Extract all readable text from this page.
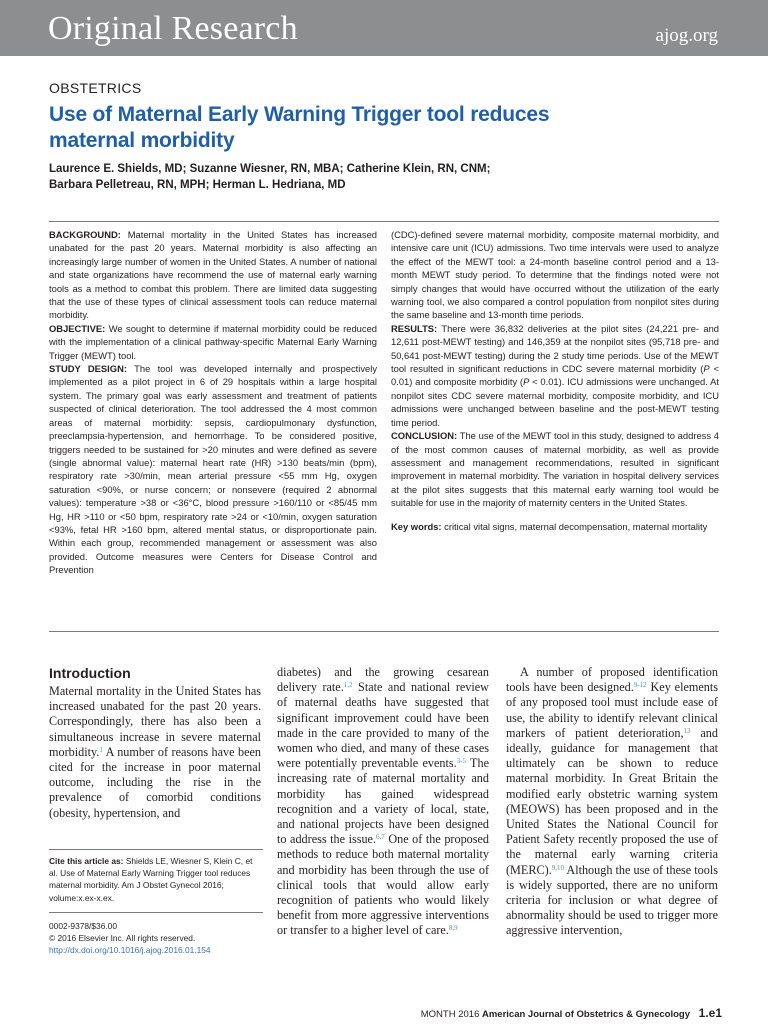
Original Research	ajog.org
OBSTETRICS
Use of Maternal Early Warning Trigger tool reduces maternal morbidity
Laurence E. Shields, MD; Suzanne Wiesner, RN, MBA; Catherine Klein, RN, CNM;
Barbara Pelletreau, RN, MPH; Herman L. Hedriana, MD

BACKGROUND: Maternal mortality in the United States has increased unabated for the past 20 years. Maternal morbidity is also affecting an increasingly large number of women in the United States. A number of national and state organizations have recommend the use of maternal early warning tools as a method to combat this problem. There are limited data suggesting that the use of these types of clinical assessment tools can reduce maternal morbidity.

OBJECTIVE: We sought to determine if maternal morbidity could be reduced with the implementation of a clinical pathway-specific Maternal Early Warning Trigger (MEWT) tool.

STUDY DESIGN: The tool was developed internally and prospectively implemented as a pilot project in 6 of 29 hospitals within a large hospital system. The primary goal was early assessment and treatment of patients suspected of clinical deterioration. The tool addressed the 4 most common areas of maternal morbidity: sepsis, cardiopulmonary dysfunction, preeclampsia-hypertension, and hemorrhage. To be considered positive, triggers needed to be sustained for >20 minutes and were defined as severe (single abnormal value): maternal heart rate (HR) >130 beats/min (bpm), respiratory rate >30/min, mean arterial pressure <55 mm Hg, oxygen saturation <90%, or nurse concern; or nonsevere (required 2 abnormal values): temperature >38 or <36°C, blood pressure >160/110 or <85/45 mm Hg, HR >110 or <50 bpm, respiratory rate >24 or <10/min, oxygen saturation <93%, fetal HR >160 bpm, altered mental status, or disproportionate pain. Within each group, recommended management or assessment was also provided. Outcome measures were Centers for Disease Control and Prevention

(CDC)-defined severe maternal morbidity, composite maternal morbidity, and intensive care unit (ICU) admissions. Two time intervals were used to analyze the effect of the MEWT tool: a 24-month baseline control period and a 13-month MEWT study period. To determine that the findings noted were not simply changes that would have occurred without the utilization of the early warning tool, we also compared a control population from nonpilot sites during the same baseline and 13-month time periods.

RESULTS: There were 36,832 deliveries at the pilot sites (24,221 pre- and 12,611 post-MEWT testing) and 146,359 at the nonpilot sites (95,718 pre- and 50,641 post-MEWT testing) during the 2 study time periods. Use of the MEWT tool resulted in significant reductions in CDC severe maternal morbidity (P < 0.01) and composite morbidity (P < 0.01). ICU admissions were unchanged. At nonpilot sites CDC severe maternal morbidity, composite morbidity, and ICU admissions were unchanged between baseline and the post-MEWT testing time period.

CONCLUSION: The use of the MEWT tool in this study, designed to address 4 of the most common causes of maternal morbidity, as well as provide assessment and management recommendations, resulted in significant improvement in maternal morbidity. The variation in hospital delivery services at the pilot sites suggests that this maternal early warning tool would be suitable for use in the majority of maternity centers in the United States.

Key words: critical vital signs, maternal decompensation, maternal mortality

Introduction

Maternal mortality in the United States has increased unabated for the past 20 years. Correspondingly, there has also been a simultaneous increase in severe maternal morbidity.$^1$ A number of reasons have been cited for the increase in poor maternal outcome, including the rise in the prevalence of comorbid conditions (obesity, hypertension, and

Cite this article as: Shields LE, Wiesner S, Klein C, et al. Use of Maternal Early Warning Trigger tool reduces maternal morbidity. Am J Obstet Gynecol 2016; volume:x.ex-x.ex.
0002-9378/$36.00
© 2016 Elsevier Inc. All rights reserved.
http://dx.doi.org/10.1016/j.ajog.2016.01.154

diabetes) and the growing cesarean delivery rate.$^{1,2}$ State and national review of maternal deaths have suggested that significant improvement could have been made in the care provided to many of the women who died, and many of these cases were potentially preventable events.$^{3-5}$ The increasing rate of maternal mortality and morbidity has gained widespread recognition and a variety of local, state, and national projects have been designed to address the issue.$^{6,7}$ One of the proposed methods to reduce both maternal mortality and morbidity has been through the use of clinical tools that would allow early recognition of patients who would likely benefit from more aggressive interventions or transfer to a higher level of care.$^{8,9}$

A number of proposed identification tools have been designed.$^{9-12}$ Key elements of any proposed tool must include ease of use, the ability to identify relevant clinical markers of patient deterioration,$^{13}$ and ideally, guidance for management that ultimately can be shown to reduce maternal morbidity. In Great Britain the modified early obstetric warning system (MEOWS) has been proposed and in the United States the National Council for Patient Safety recently proposed the use of the maternal early warning criteria (MERC).$^{9,10}$ Although the use of these tools is widely supported, there are no uniform criteria for inclusion or what degree of abnormality should be used to trigger more aggressive intervention,

MONTH 2016 American Journal of Obstetrics & Gynecology 1.e1
